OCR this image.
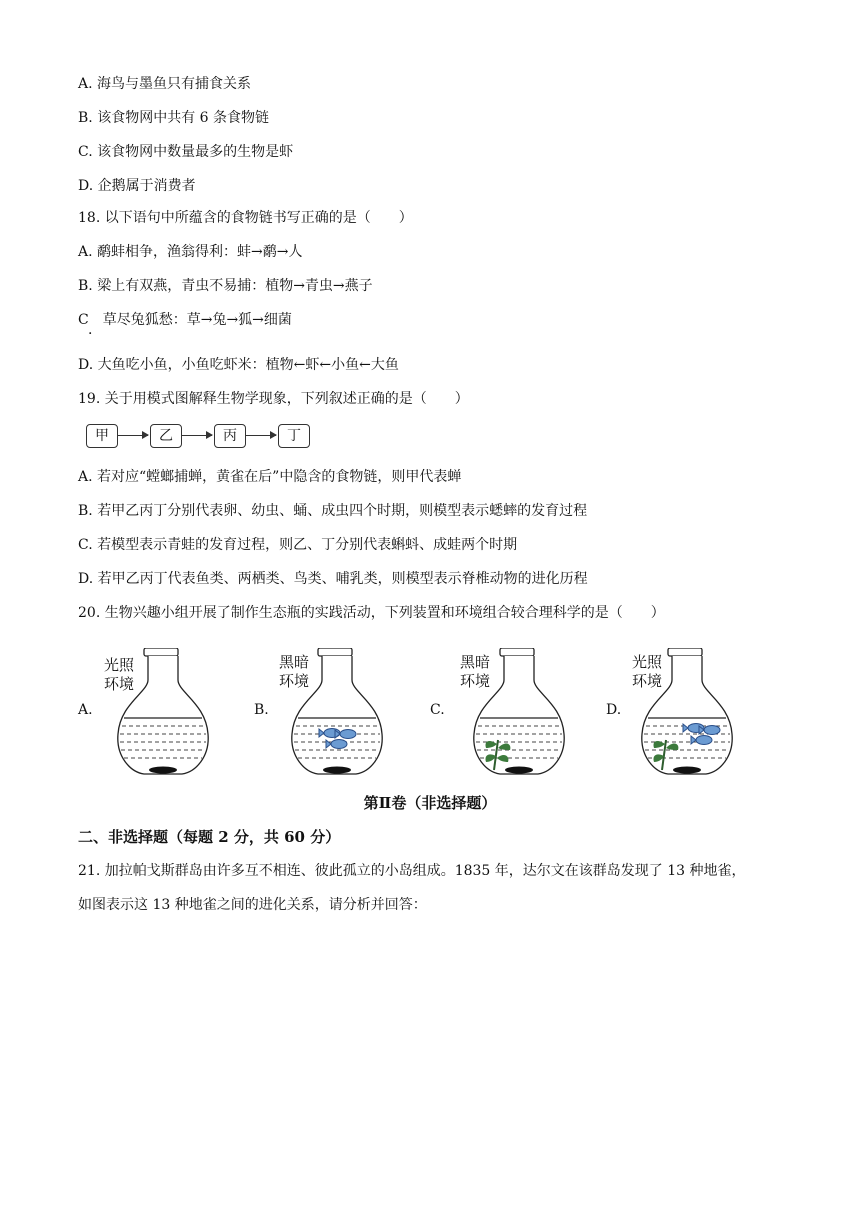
A. 海鸟与墨鱼只有捕食关系
B. 该食物网中共有 6 条食物链
C. 该食物网中数量最多的生物是虾
D. 企鹅属于消费者
18. 以下语句中所蕴含的食物链书写正确的是（　　）
A. 鹬蚌相争，渔翁得利：蚌→鹬→人
B. 梁上有双燕，青虫不易捕：植物→青虫→燕子
C　草尽兔狐愁：草→兔→狐→细菌
·
D. 大鱼吃小鱼，小鱼吃虾米：植物←虾←小鱼←大鱼
19. 关于用模式图解释生物学现象，下列叙述正确的是（　　）
甲	乙	丙	丁
A. 若对应“螳螂捕蝉，黄雀在后”中隐含的食物链，则甲代表蝉
B. 若甲乙丙丁分别代表卵、幼虫、蛹、成虫四个时期，则模型表示蟋蟀的发育过程
C. 若模型表示青蛙的发育过程，则乙、丁分别代表蝌蚪、成蛙两个时期
D. 若甲乙丙丁代表鱼类、两栖类、鸟类、哺乳类，则模型表示脊椎动物的进化历程
20. 生物兴趣小组开展了制作生态瓶的实践活动，下列装置和环境组合较合理科学的是（　　）
A.
光照
环境
B.
黑暗
环境
C.
黑暗
环境
D.
光照
环境
第Ⅱ卷（非选择题）
二、非选择题（每题 2 分，共 60 分）
21. 加拉帕戈斯群岛由许多互不相连、彼此孤立的小岛组成。1835 年，达尔文在该群岛发现了 13 种地雀，
如图表示这 13 种地雀之间的进化关系，请分析并回答：
